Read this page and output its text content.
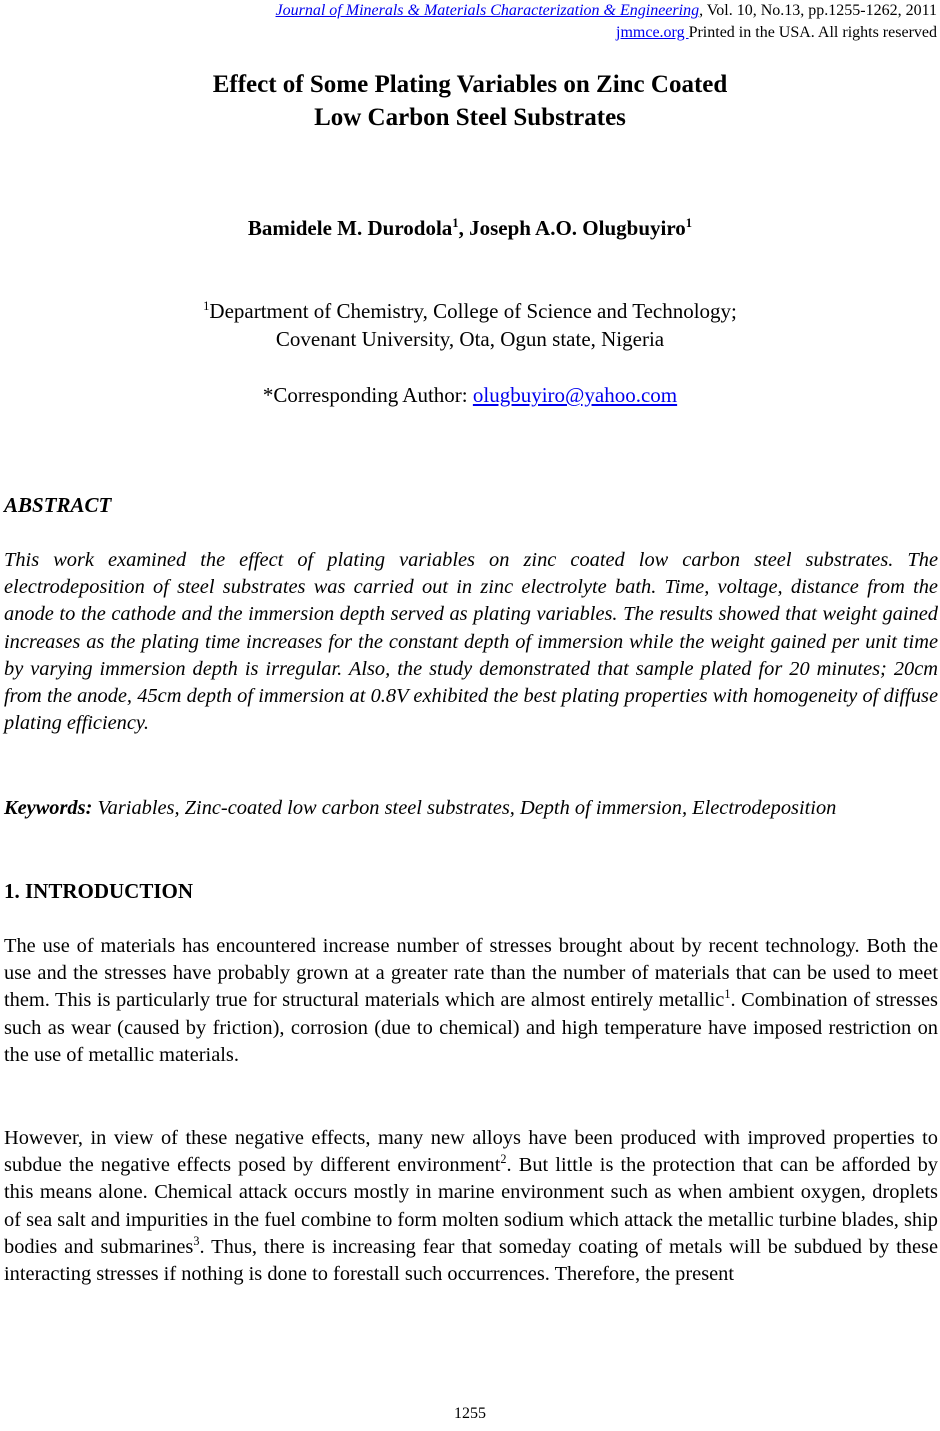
Journal of Minerals & Materials Characterization & Engineering, Vol. 10, No.13, pp.1255-1262, 2011
jmmce.org Printed in the USA. All rights reserved
Effect of Some Plating Variables on Zinc Coated
Low Carbon Steel Substrates
Bamidele M. Durodola$^1$, Joseph A.O. Olugbuyiro$^1$
$^1$Department of Chemistry, College of Science and Technology;
Covenant University, Ota, Ogun state, Nigeria
*Corresponding Author: olugbuyiro@yahoo.com
ABSTRACT
This work examined the effect of plating variables on zinc coated low carbon steel substrates. The electrodeposition of steel substrates was carried out in zinc electrolyte bath. Time, voltage, distance from the anode to the cathode and the immersion depth served as plating variables. The results showed that weight gained increases as the plating time increases for the constant depth of immersion while the weight gained per unit time by varying immersion depth is irregular. Also, the study demonstrated that sample plated for 20 minutes; 20cm from the anode, 45cm depth of immersion at 0.8V exhibited the best plating properties with homogeneity of diffuse plating efficiency.
Keywords: Variables, Zinc-coated low carbon steel substrates, Depth of immersion, Electrodeposition
1. INTRODUCTION
The use of materials has encountered increase number of stresses brought about by recent technology. Both the use and the stresses have probably grown at a greater rate than the number of materials that can be used to meet them. This is particularly true for structural materials which are almost entirely metallic$^1$. Combination of stresses such as wear (caused by friction), corrosion (due to chemical) and high temperature have imposed restriction on the use of metallic materials.
However, in view of these negative effects, many new alloys have been produced with improved properties to subdue the negative effects posed by different environment$^2$. But little is the protection that can be afforded by this means alone. Chemical attack occurs mostly in marine environment such as when ambient oxygen, droplets of sea salt and impurities in the fuel combine to form molten sodium which attack the metallic turbine blades, ship bodies and submarines$^3$. Thus, there is increasing fear that someday coating of metals will be subdued by these interacting stresses if nothing is done to forestall such occurrences. Therefore, the present
1255
